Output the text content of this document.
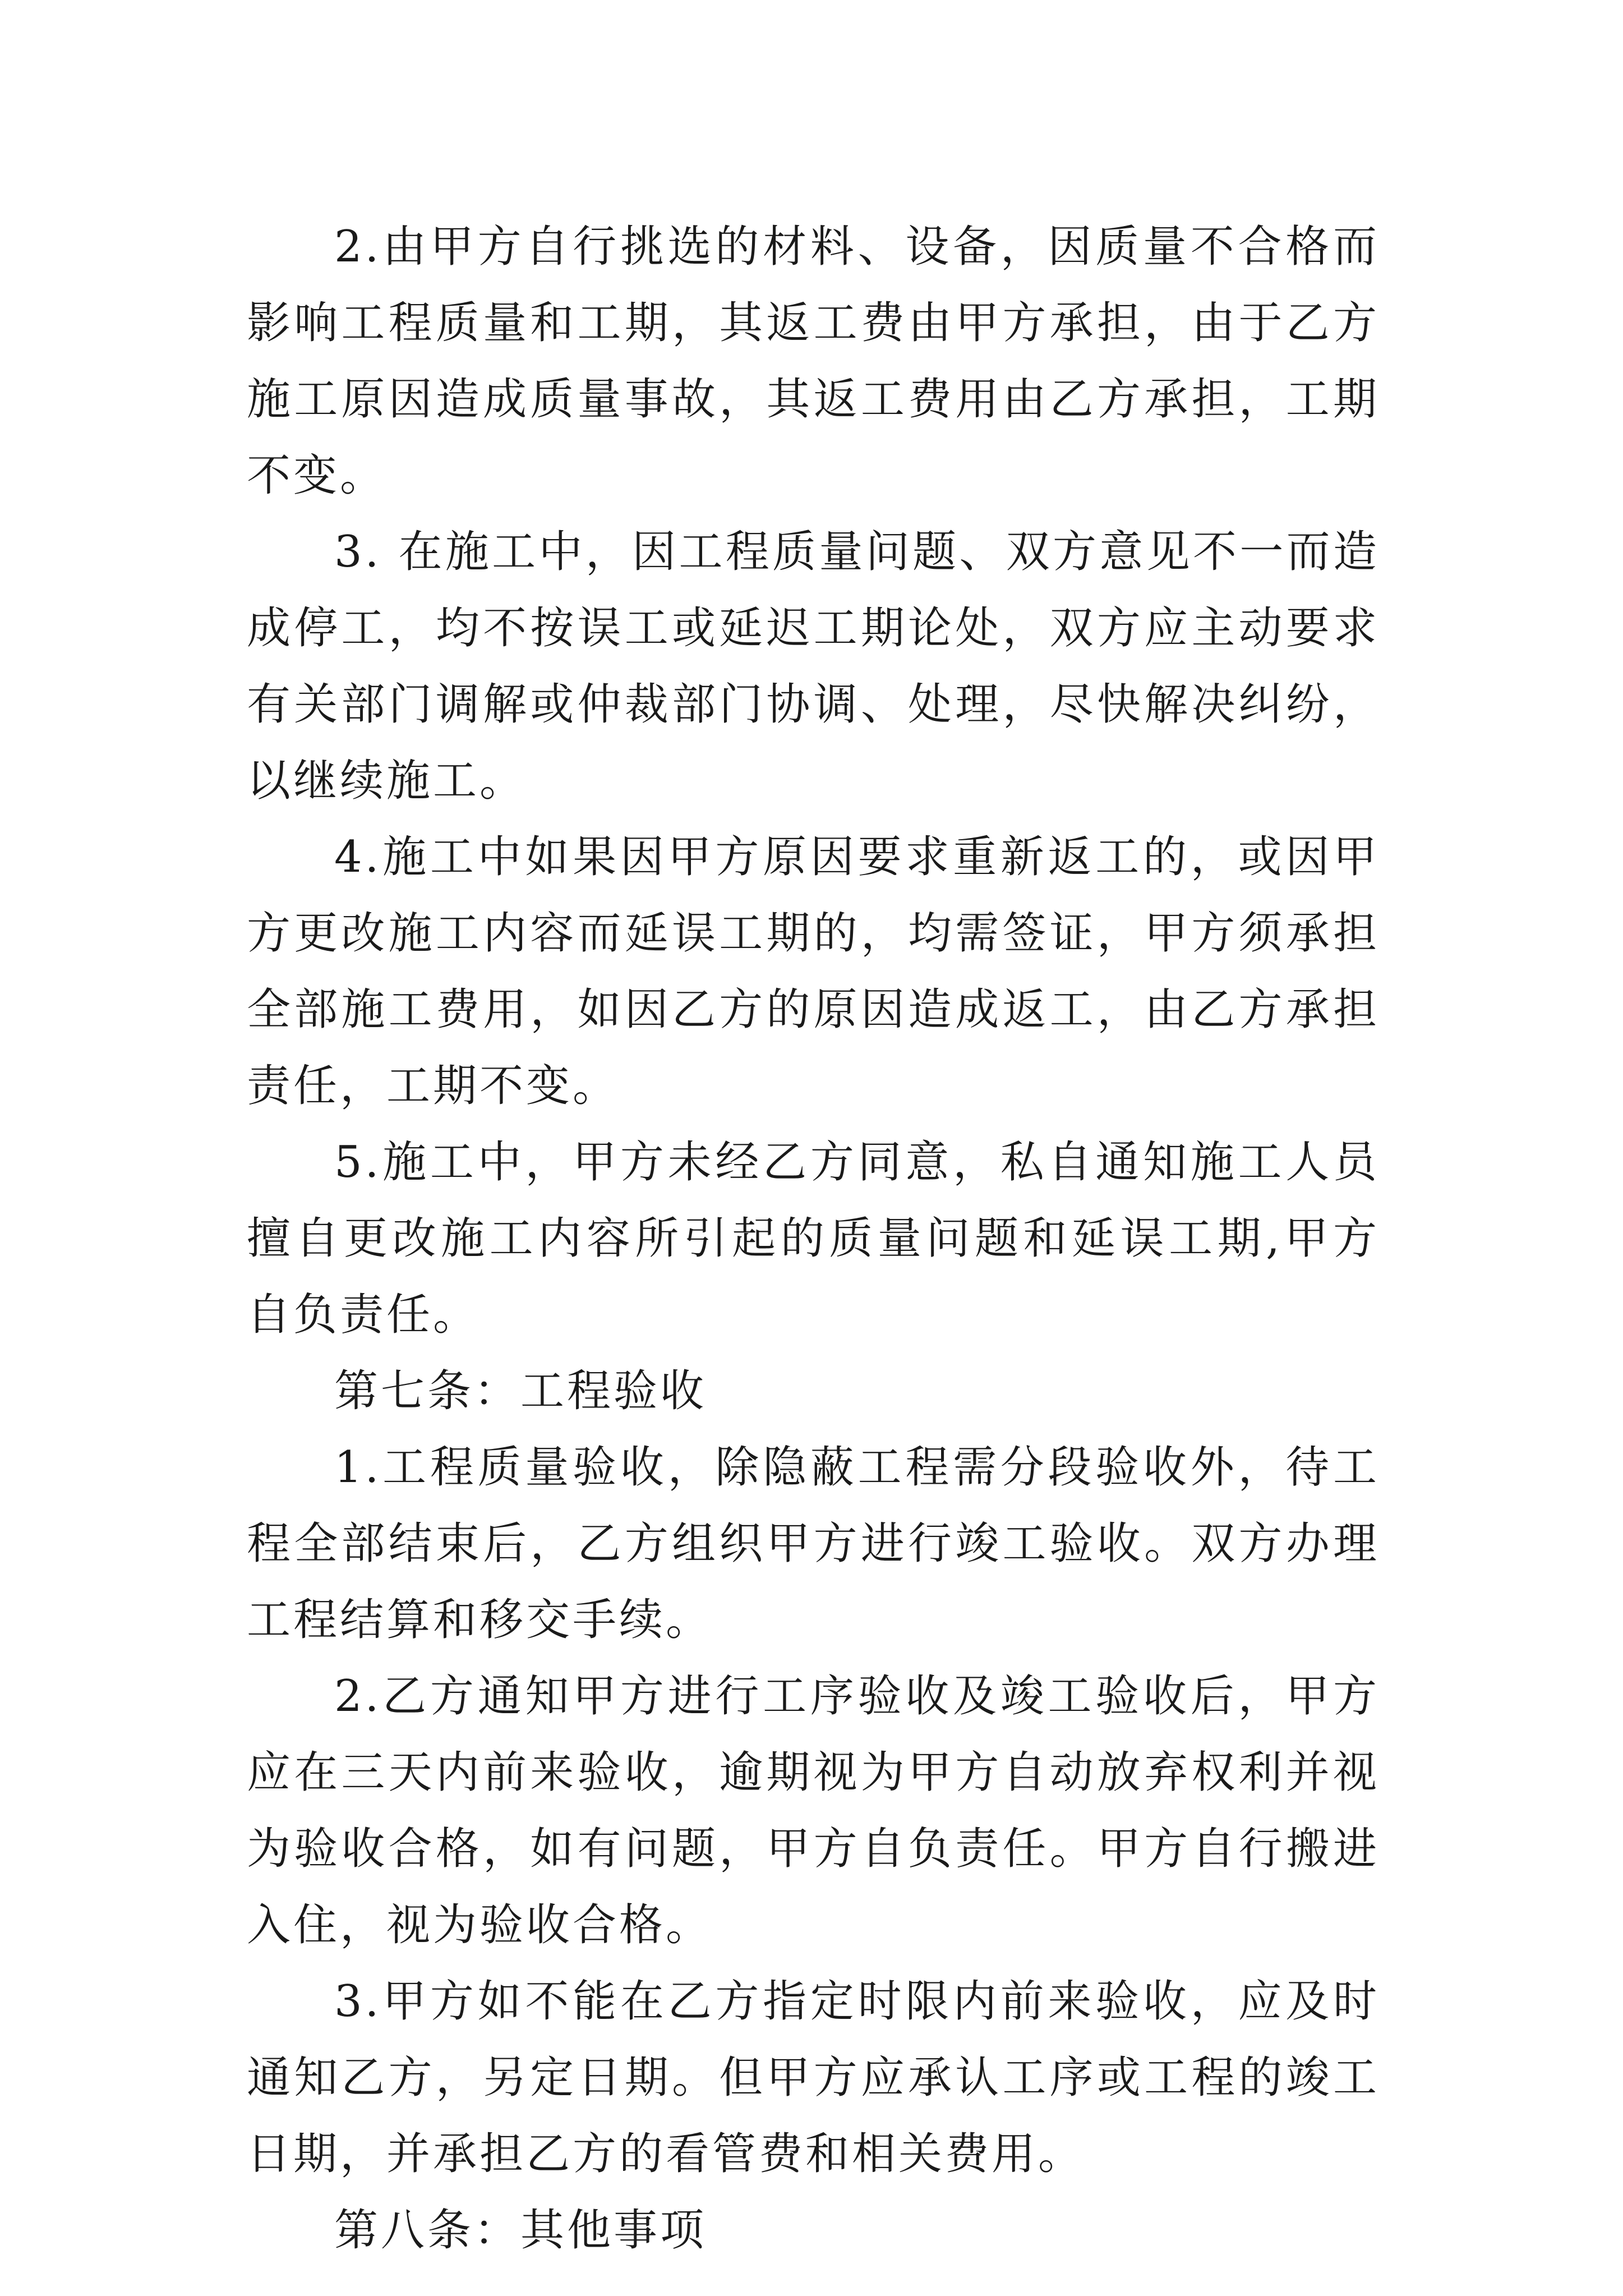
2.由甲方自行挑选的材料、设备，因质量不合格而影响工程质量和工期，其返工费由甲方承担，由于乙方施工原因造成质量事故，其返工费用由乙方承担，工期不变。

3. 在施工中，因工程质量问题、双方意见不一而造成停工，均不按误工或延迟工期论处，双方应主动要求有关部门调解或仲裁部门协调、处理，尽快解决纠纷，以继续施工。

4.施工中如果因甲方原因要求重新返工的，或因甲方更改施工内容而延误工期的，均需签证，甲方须承担全部施工费用，如因乙方的原因造成返工，由乙方承担责任，工期不变。

5.施工中，甲方未经乙方同意，私自通知施工人员擅自更改施工内容所引起的质量问题和延误工期,甲方自负责任。

第七条：工程验收

1.工程质量验收，除隐蔽工程需分段验收外，待工程全部结束后，乙方组织甲方进行竣工验收。双方办理工程结算和移交手续。

2.乙方通知甲方进行工序验收及竣工验收后，甲方应在三天内前来验收，逾期视为甲方自动放弃权利并视为验收合格，如有问题，甲方自负责任。甲方自行搬进入住，视为验收合格。

3.甲方如不能在乙方指定时限内前来验收，应及时通知乙方，另定日期。但甲方应承认工序或工程的竣工日期，并承担乙方的看管费和相关费用。

第八条：其他事项
